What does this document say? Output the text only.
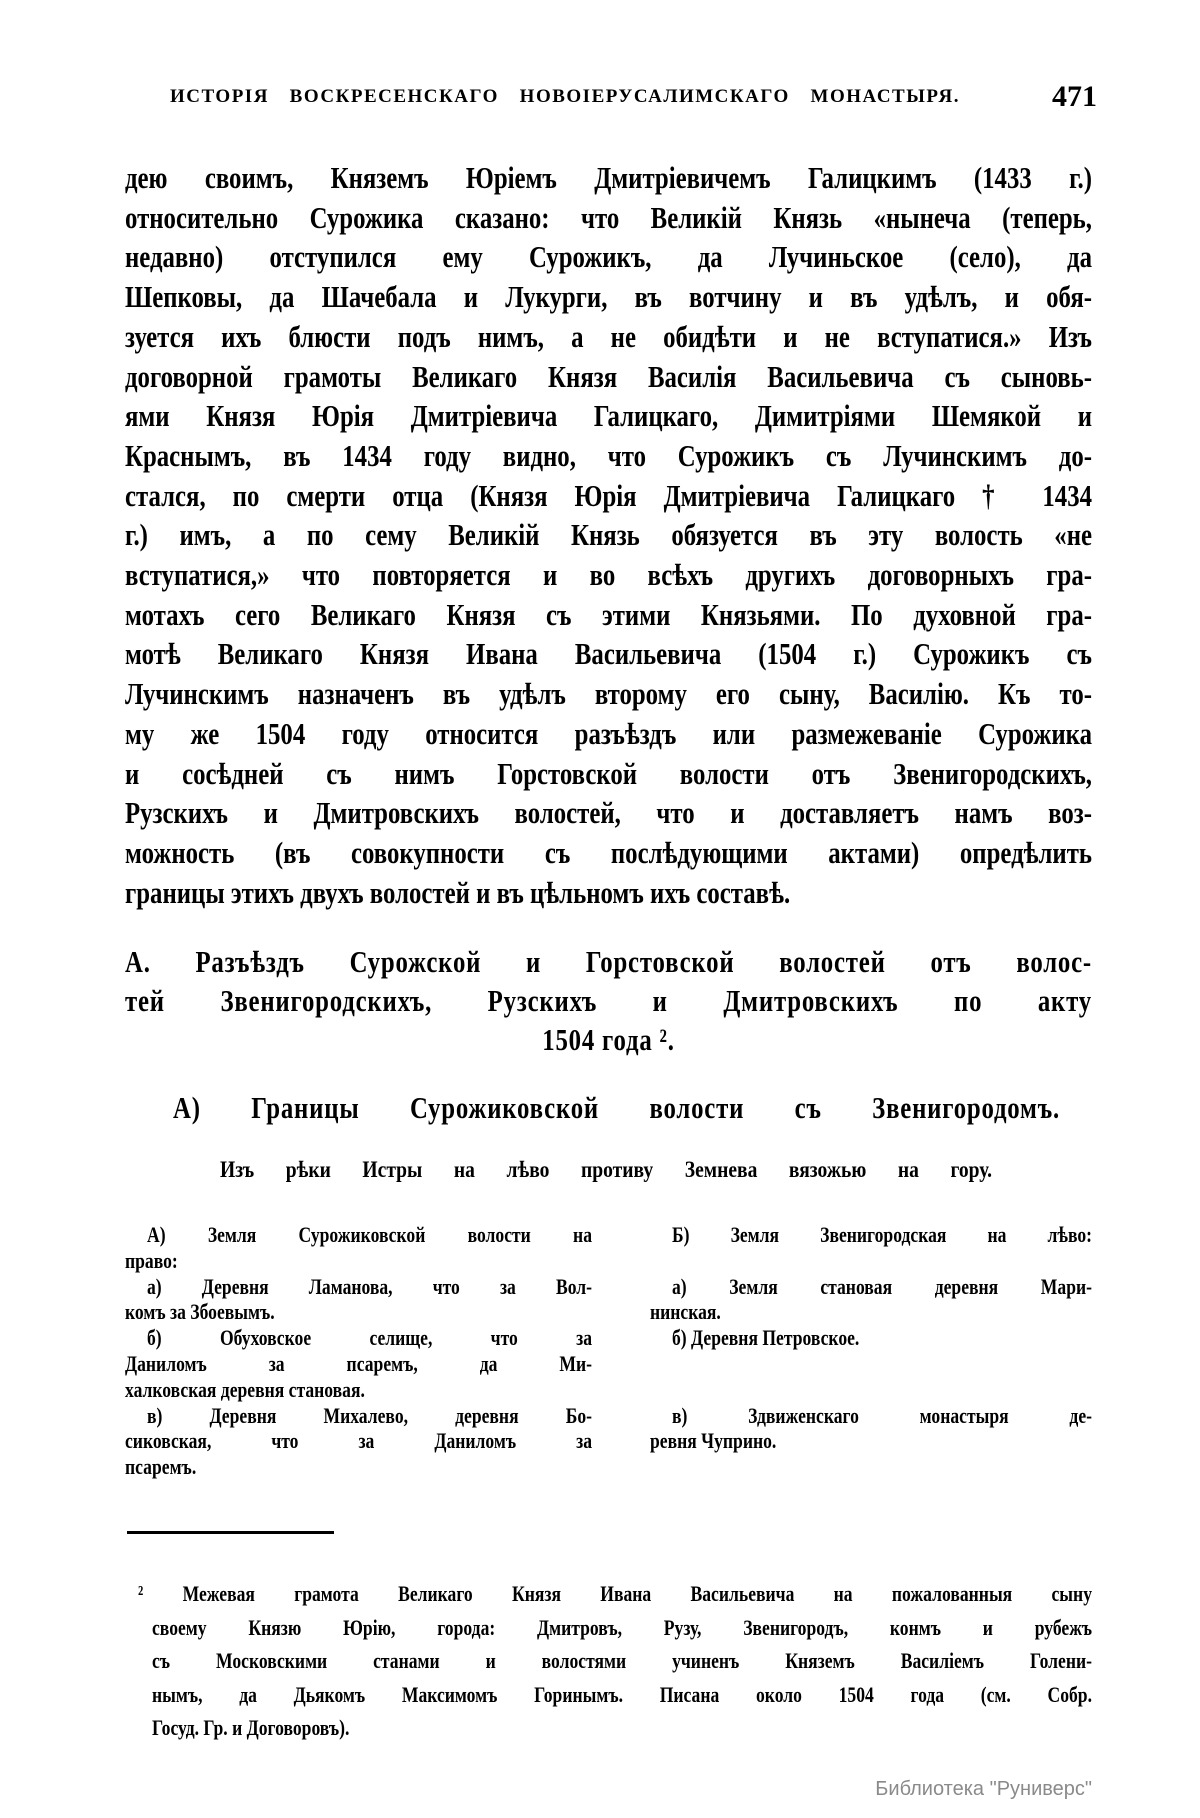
ИСТОРІЯ ВОСКРЕСЕНСКАГО НОВОІЕРУСАЛИМСКАГО МОНАСТЫРЯ.	471
дею своимъ, Княземъ Юріемъ Дмитріевичемъ Галицкимъ (1433 г.)
относительно Сурожика сказано: что Великій Князь «нынеча (теперь,
недавно) отступился ему Сурожикъ, да Лучиньское (село), да
Шепковы, да Шачебала и Лукурги, въ вотчину и въ удѣлъ, и обя-
зуется ихъ блюсти подъ нимъ, а не обидѣти и не вступатися.» Изъ
договорной грамоты Великаго Князя Василія Васильевича съ сыновь-
ями Князя Юрія Дмитріевича Галицкаго, Димитріями Шемякой и
Краснымъ, въ 1434 году видно, что Сурожикъ съ Лучинскимъ до-
стался, по смерти отца (Князя Юрія Дмитріевича Галицкаго † 1434
г.) имъ, а по сему Великій Князь обязуется въ эту волость «не
вступатися,» что повторяется и во всѣхъ другихъ договорныхъ гра-
мотахъ сего Великаго Князя съ этими Князьями. По духовной гра-
мотѣ Великаго Князя Ивана Васильевича (1504 г.) Сурожикъ съ
Лучинскимъ назначенъ въ удѣлъ второму его сыну, Василію. Къ то-
му же 1504 году относится разъѣздъ или размежеваніе Сурожика
и сосѣдней съ нимъ Горстовской волости отъ Звенигородскихъ,
Рузскихъ и Дмитровскихъ волостей, что и доставляетъ намъ воз-
можность (въ совокупности съ послѣдующими актами) опредѣлить
границы этихъ двухъ волостей и въ цѣльномъ ихъ составѣ.
А. Разъѣздъ Сурожской и Горстовской волостей отъ волос-
тей Звенигородскихъ, Рузскихъ и Дмитровскихъ по акту
1504 года ².
А) Границы Сурожиковской волости съ Звенигородомъ.
Изъ рѣки Истры на лѣво противу Земнева вязожью на гору.
А) Земля Сурожиковской волости на
право:
а) Деревня Ламанова, что за Вол-
комъ за Збоевымъ.
б) Обуховское селище, что за
Даниломъ за псаремъ, да Ми-
халковская деревня становая.
в) Деревня Михалево, деревня Бо-
сиковская, что за Даниломъ за
псаремъ.
Б) Земля Звенигородская на лѣво:
а) Земля становая деревня Мари-
нинская.
б) Деревня Петровское.
в) Здвиженскаго монастыря де-
ревня Чуприно.
² Межевая грамота Великаго Князя Ивана Васильевича на пожалованныя сыну
своему Князю Юрію, города: Дмитровъ, Рузу, Звенигородъ, конмъ и рубежъ
съ Московскими станами и волостями учиненъ Княземъ Василіемъ Голени-
нымъ, да Дьякомъ Максимомъ Горинымъ. Писана около 1504 года (см. Собр.
Госуд. Гр. и Договоровъ).
Библиотека "Руниверс"
